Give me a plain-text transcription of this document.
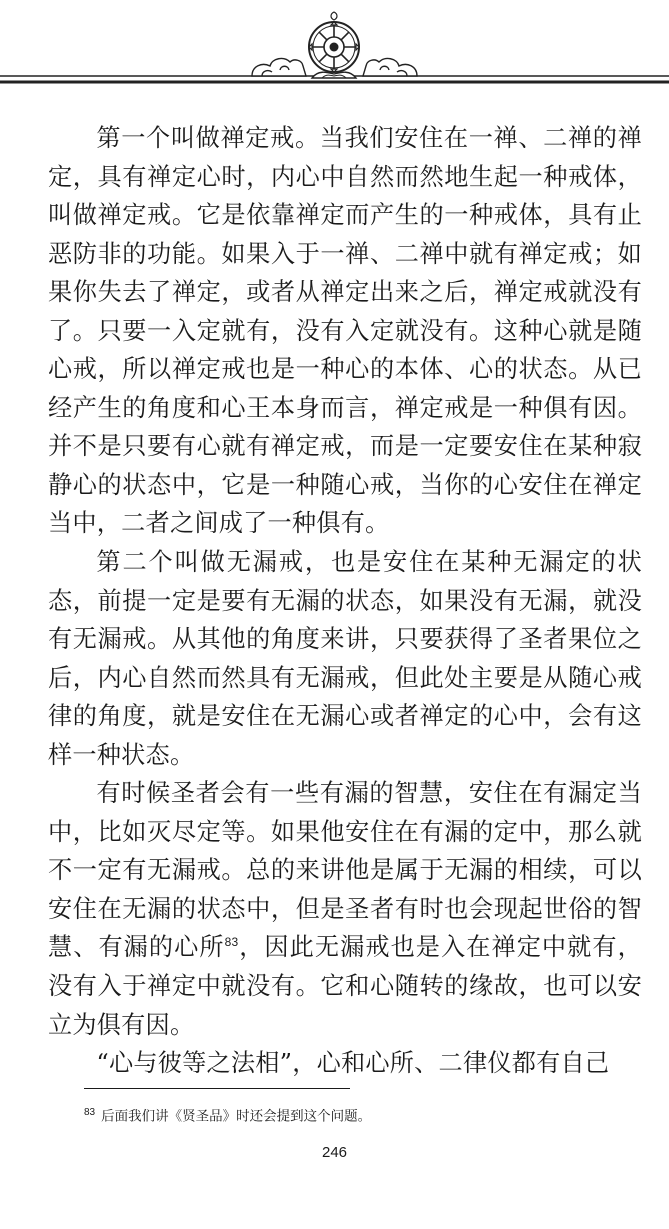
第一个叫做禅定戒。当我们安住在一禅、二禅的禅定，具有禅定心时，内心中自然而然地生起一种戒体，叫做禅定戒。它是依靠禅定而产生的一种戒体，具有止恶防非的功能。如果入于一禅、二禅中就有禅定戒；如果你失去了禅定，或者从禅定出来之后，禅定戒就没有了。只要一入定就有，没有入定就没有。这种心就是随心戒，所以禅定戒也是一种心的本体、心的状态。从已经产生的角度和心王本身而言，禅定戒是一种俱有因。并不是只要有心就有禅定戒，而是一定要安住在某种寂静心的状态中，它是一种随心戒，当你的心安住在禅定当中，二者之间成了一种俱有。

第二个叫做无漏戒，也是安住在某种无漏定的状态，前提一定是要有无漏的状态，如果没有无漏，就没有无漏戒。从其他的角度来讲，只要获得了圣者果位之后，内心自然而然具有无漏戒，但此处主要是从随心戒律的角度，就是安住在无漏心或者禅定的心中，会有这样一种状态。

有时候圣者会有一些有漏的智慧，安住在有漏定当中，比如灭尽定等。如果他安住在有漏的定中，那么就不一定有无漏戒。总的来讲他是属于无漏的相续，可以安住在无漏的状态中，但是圣者有时也会现起世俗的智慧、有漏的心所$^{83}$，因此无漏戒也是入在禅定中就有，没有入于禅定中就没有。它和心随转的缘故，也可以安立为俱有因。

“心与彼等之法相”，心和心所、二律仪都有自己

$^{83}$ 后面我们讲《贤圣品》时还会提到这个问题。
246
